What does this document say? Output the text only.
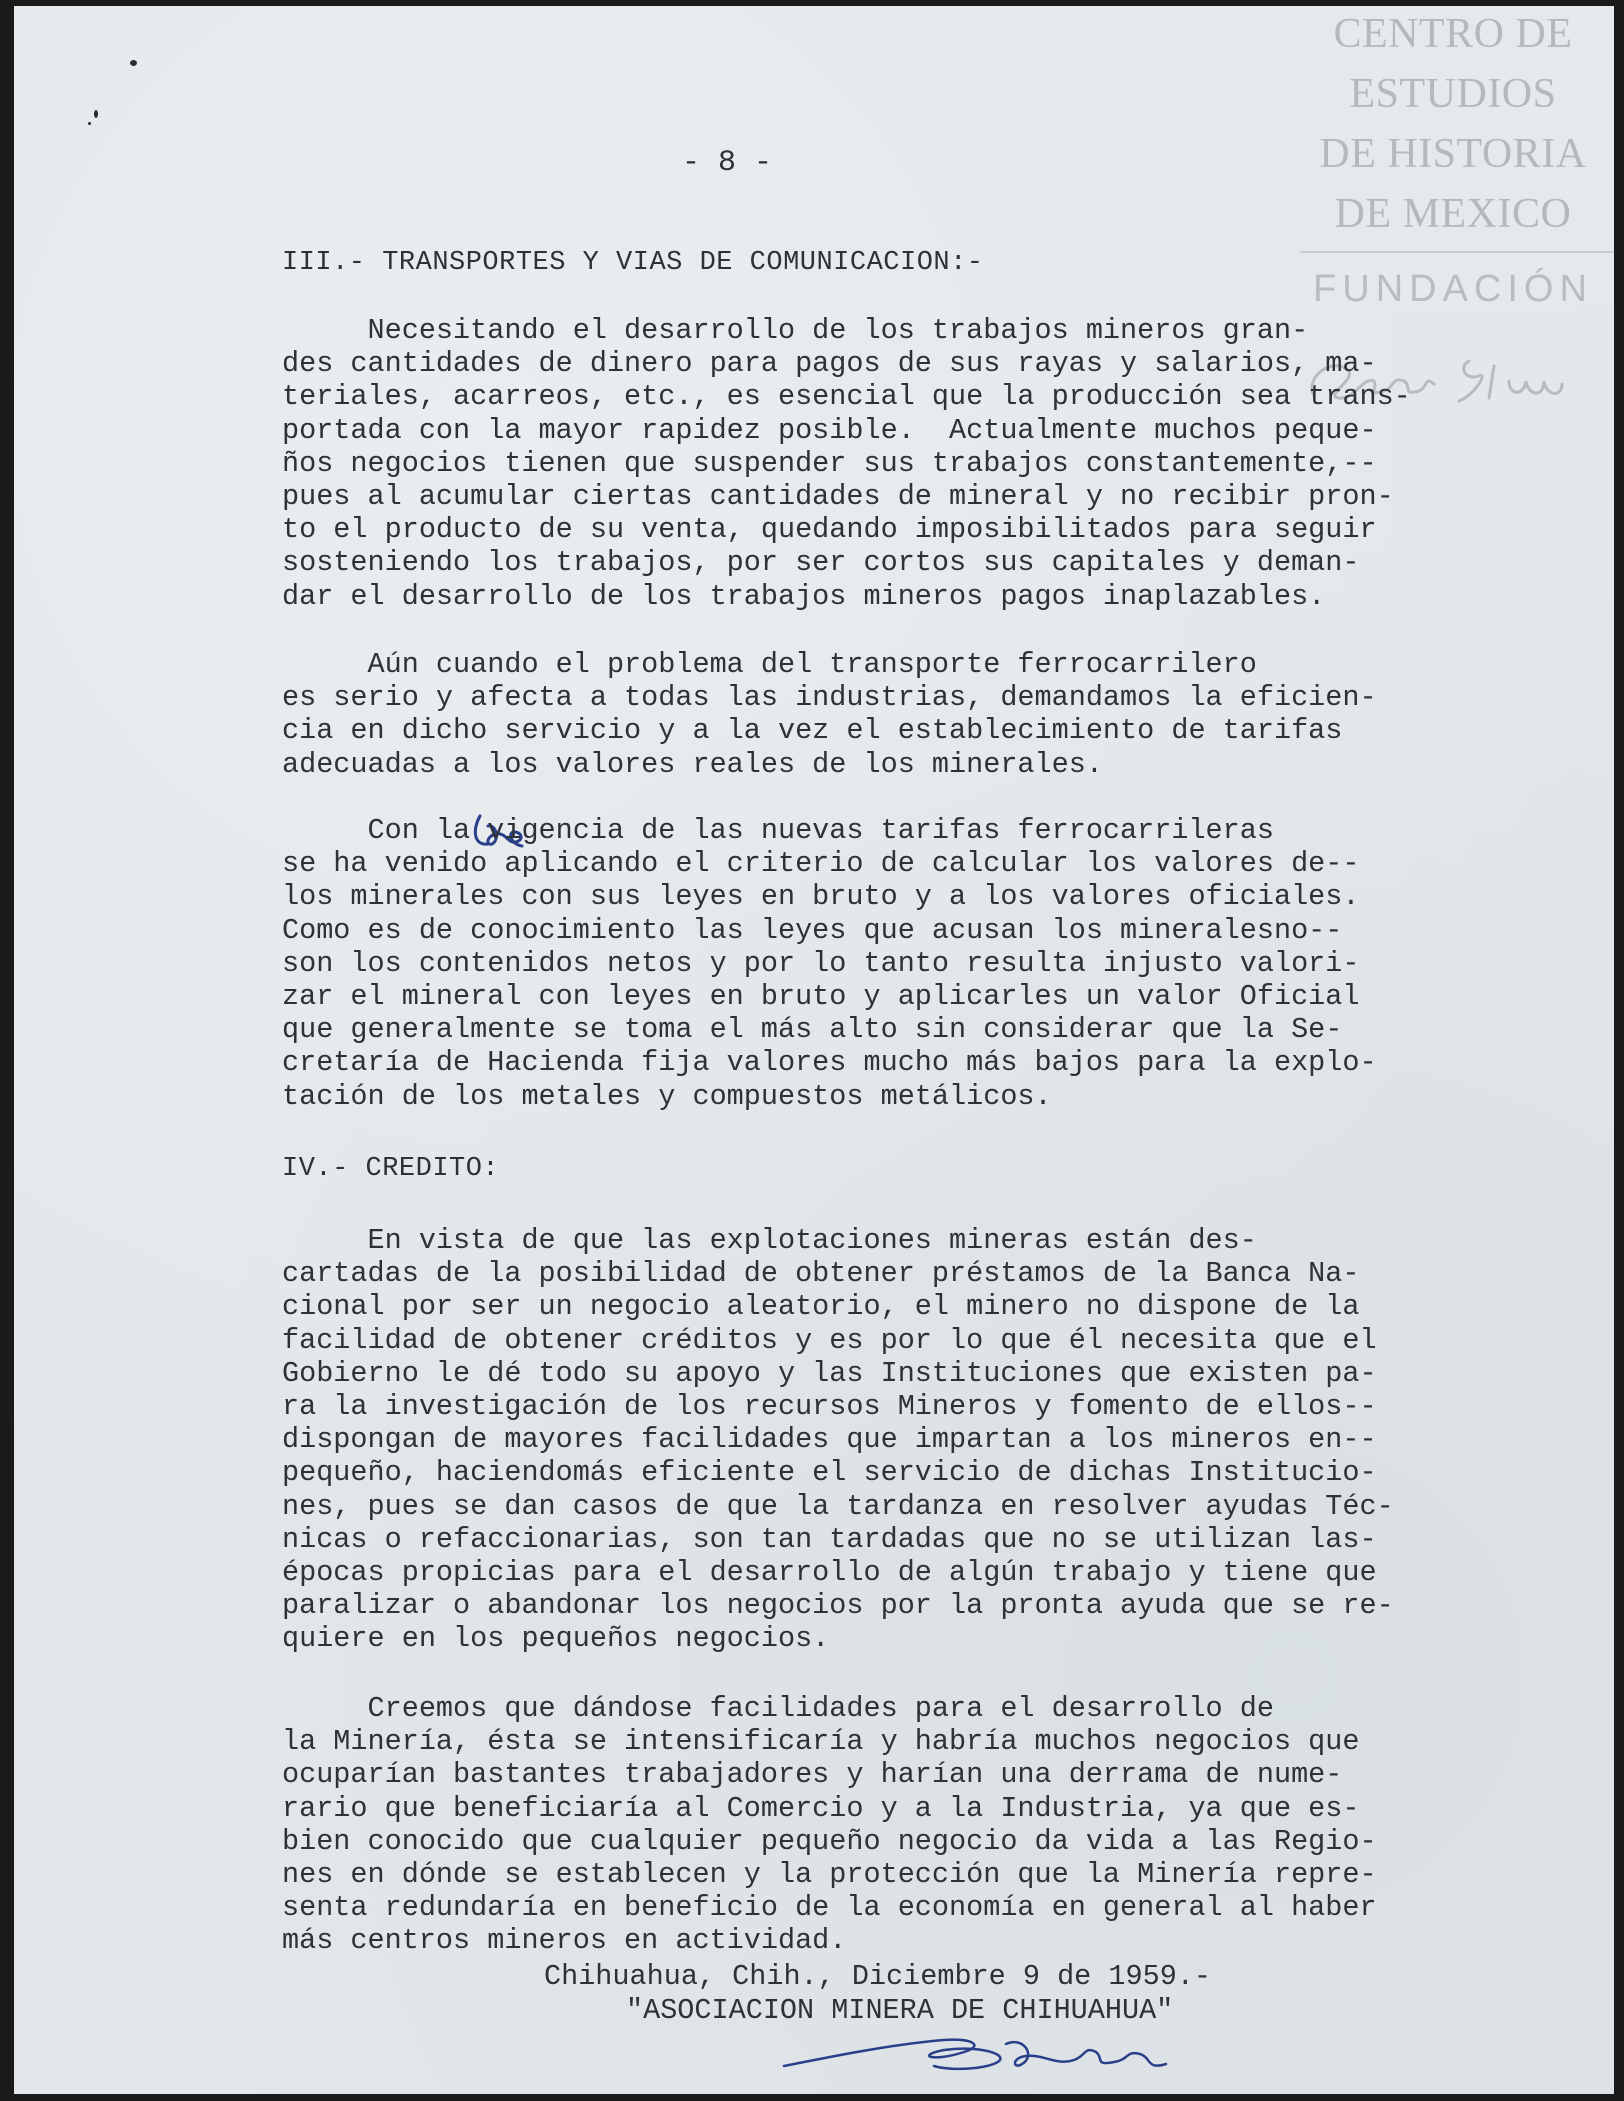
CENTRO DE
ESTUDIOS
DE HISTORIA
DE MEXICO
FUNDACIÓN
- 8 -
III.- TRANSPORTES Y VIAS DE COMUNICACION:-
Necesitando el desarrollo de los trabajos mineros gran-
des cantidades de dinero para pagos de sus rayas y salarios, ma-
teriales, acarreos, etc., es esencial que la producción sea trans-
portada con la mayor rapidez posible.  Actualmente muchos peque-
ños negocios tienen que suspender sus trabajos constantemente,--
pues al acumular ciertas cantidades de mineral y no recibir pron-
to el producto de su venta, quedando imposibilitados para seguir
sosteniendo los trabajos, por ser cortos sus capitales y deman-
dar el desarrollo de los trabajos mineros pagos inaplazables.
Aún cuando el problema del transporte ferrocarrilero
es serio y afecta a todas las industrias, demandamos la eficien-
cia en dicho servicio y a la vez el establecimiento de tarifas
adecuadas a los valores reales de los minerales.
Con la vigencia de las nuevas tarifas ferrocarrileras
se ha venido aplicando el criterio de calcular los valores de--
los minerales con sus leyes en bruto y a los valores oficiales.
Como es de conocimiento las leyes que acusan los mineralesno--
son los contenidos netos y por lo tanto resulta injusto valori-
zar el mineral con leyes en bruto y aplicarles un valor Oficial
que generalmente se toma el más alto sin considerar que la Se-
cretaría de Hacienda fija valores mucho más bajos para la explo-
tación de los metales y compuestos metálicos.
IV.- CREDITO:
En vista de que las explotaciones mineras están des-
cartadas de la posibilidad de obtener préstamos de la Banca Na-
cional por ser un negocio aleatorio, el minero no dispone de la
facilidad de obtener créditos y es por lo que él necesita que el
Gobierno le dé todo su apoyo y las Instituciones que existen pa-
ra la investigación de los recursos Mineros y fomento de ellos--
dispongan de mayores facilidades que impartan a los mineros en--
pequeño, haciendomás eficiente el servicio de dichas Institucio-
nes, pues se dan casos de que la tardanza en resolver ayudas Téc-
nicas o refaccionarias, son tan tardadas que no se utilizan las-
épocas propicias para el desarrollo de algún trabajo y tiene que
paralizar o abandonar los negocios por la pronta ayuda que se re-
quiere en los pequeños negocios.
Creemos que dándose facilidades para el desarrollo de
la Minería, ésta se intensificaría y habría muchos negocios que
ocuparían bastantes trabajadores y harían una derrama de nume-
rario que beneficiaría al Comercio y a la Industria, ya que es-
bien conocido que cualquier pequeño negocio da vida a las Regio-
nes en dónde se establecen y la protección que la Minería repre-
senta redundaría en beneficio de la economía en general al haber
más centros mineros en actividad.
Chihuahua, Chih., Diciembre 9 de 1959.-
"ASOCIACION MINERA DE CHIHUAHUA"
